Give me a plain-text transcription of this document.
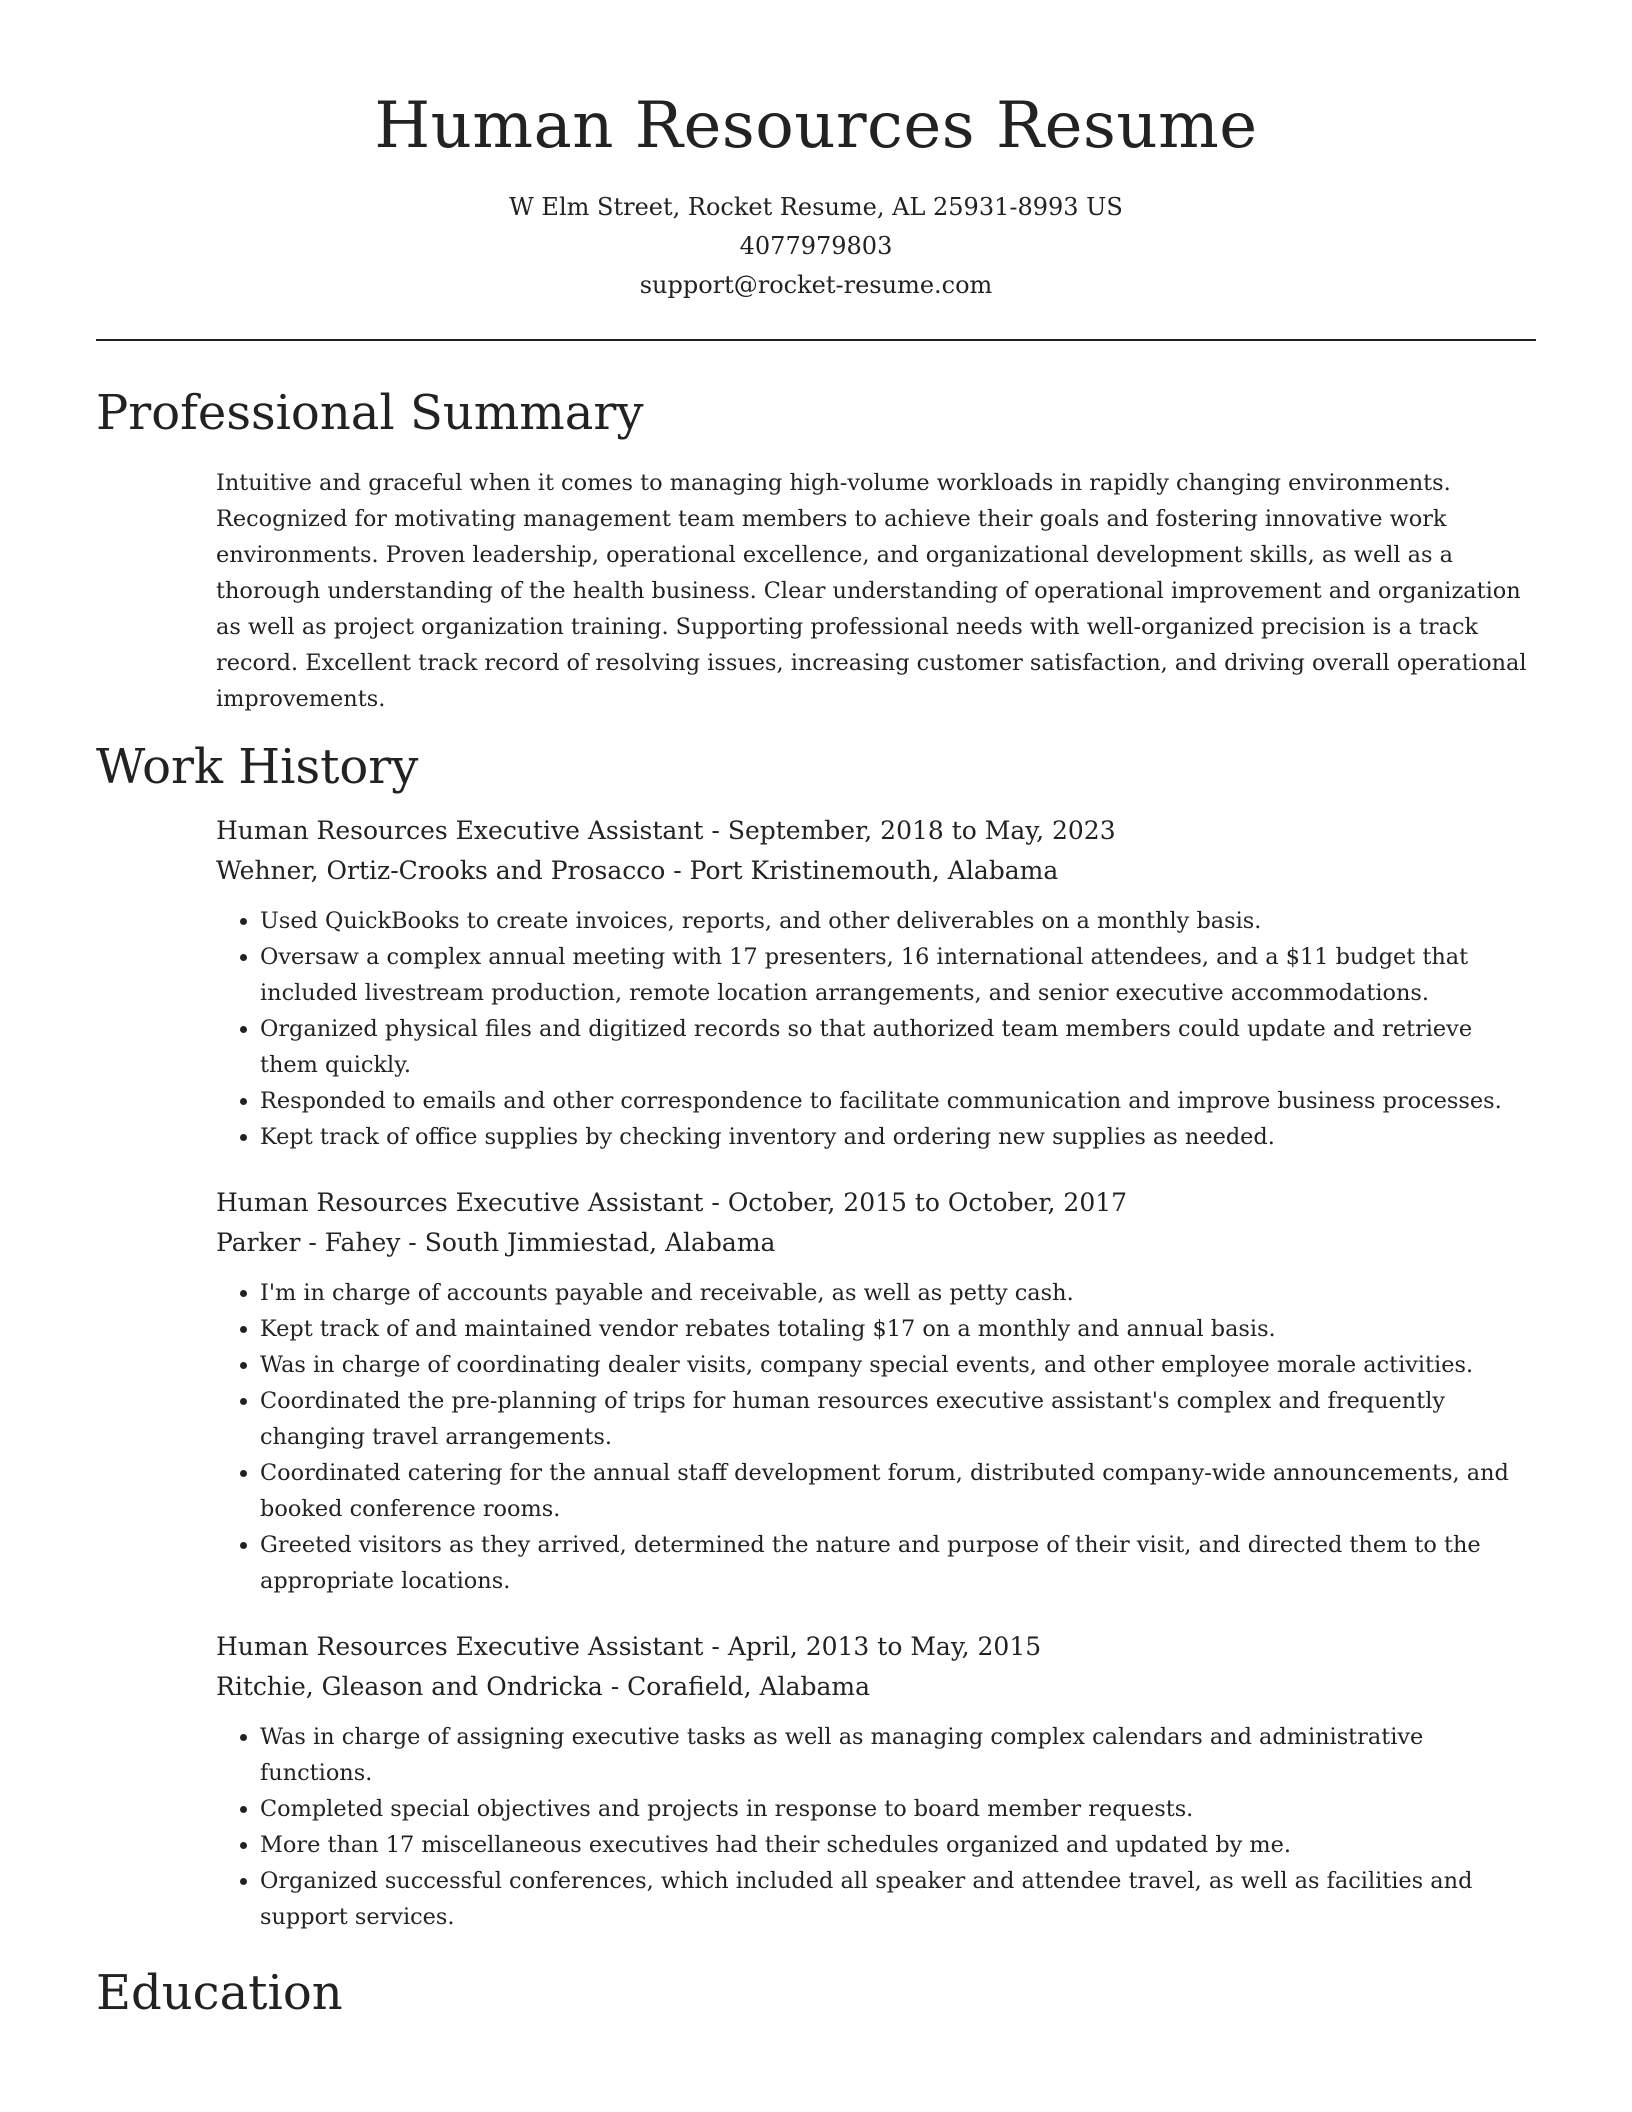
Human Resources Resume
W Elm Street, Rocket Resume, AL 25931-8993 US
4077979803
support@rocket-resume.com
Professional Summary
Intuitive and graceful when it comes to managing high-volume workloads in rapidly changing environments. Recognized for motivating management team members to achieve their goals and fostering innovative work environments. Proven leadership, operational excellence, and organizational development skills, as well as a thorough understanding of the health business. Clear understanding of operational improvement and organization as well as project organization training. Supporting professional needs with well-organized precision is a track record. Excellent track record of resolving issues, increasing customer satisfaction, and driving overall operational improvements.
Work History
Human Resources Executive Assistant - September, 2018 to May, 2023
Wehner, Ortiz-Crooks and Prosacco - Port Kristinemouth, Alabama
• Used QuickBooks to create invoices, reports, and other deliverables on a monthly basis.
• Oversaw a complex annual meeting with 17 presenters, 16 international attendees, and a $11 budget that included livestream production, remote location arrangements, and senior executive accommodations.
• Organized physical files and digitized records so that authorized team members could update and retrieve them quickly.
• Responded to emails and other correspondence to facilitate communication and improve business processes.
• Kept track of office supplies by checking inventory and ordering new supplies as needed.
Human Resources Executive Assistant - October, 2015 to October, 2017
Parker - Fahey - South Jimmiestad, Alabama
• I'm in charge of accounts payable and receivable, as well as petty cash.
• Kept track of and maintained vendor rebates totaling $17 on a monthly and annual basis.
• Was in charge of coordinating dealer visits, company special events, and other employee morale activities.
• Coordinated the pre-planning of trips for human resources executive assistant's complex and frequently changing travel arrangements.
• Coordinated catering for the annual staff development forum, distributed company-wide announcements, and booked conference rooms.
• Greeted visitors as they arrived, determined the nature and purpose of their visit, and directed them to the appropriate locations.
Human Resources Executive Assistant - April, 2013 to May, 2015
Ritchie, Gleason and Ondricka - Corafield, Alabama
• Was in charge of assigning executive tasks as well as managing complex calendars and administrative functions.
• Completed special objectives and projects in response to board member requests.
• More than 17 miscellaneous executives had their schedules organized and updated by me.
• Organized successful conferences, which included all speaker and attendee travel, as well as facilities and support services.
Education
